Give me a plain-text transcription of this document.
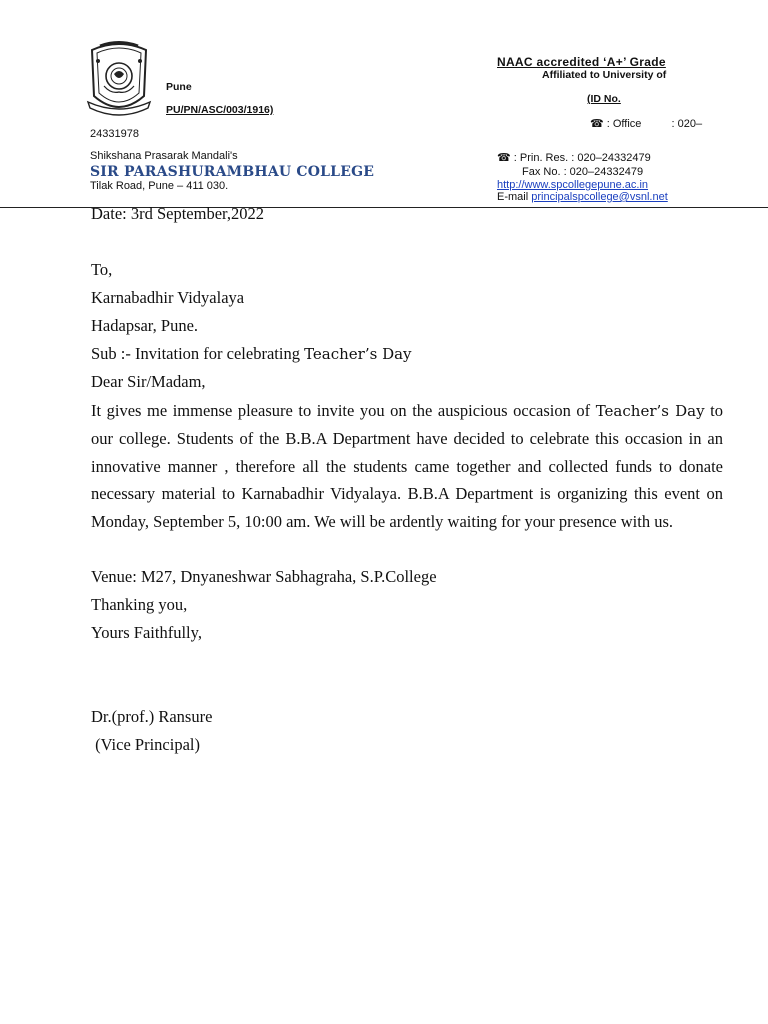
Pune
PU/PN/ASC/003/1916)
24331978
Shikshana Prasarak Mandali's
SIR PARASHURAMBHAU COLLEGE
Tilak Road, Pune – 411 030.
NAAC accredited ‘A+’ Grade
Affiliated to University of
(ID No.
☎ : Office	: 020–
☎ : Prin. Res. : 020–24332479
Fax No. : 020–24332479
http://www.spcollegepune.ac.in
E-mail principalspcollege@vsnl.net
Date: 3rd September,2022
To,
Karnabadhir Vidyalaya
Hadapsar, Pune.
Sub :- Invitation for celebrating Teacher’s Day
Dear Sir/Madam,

It gives me immense pleasure to invite you on the auspicious occasion of Teacher’s Day to our college. Students of the B.B.A Department have decided to celebrate this occasion in an innovative manner , therefore all the students came together and collected funds to donate necessary material to Karnabadhir Vidyalaya. B.B.A Department is organizing this event on Monday, September 5, 10:00 am. We will be ardently waiting for your presence with us.

Venue: M27, Dnyaneshwar Sabhagraha, S.P.College
Thanking you,
Yours Faithfully,
Dr.(prof.) Ransure
(Vice Principal)
